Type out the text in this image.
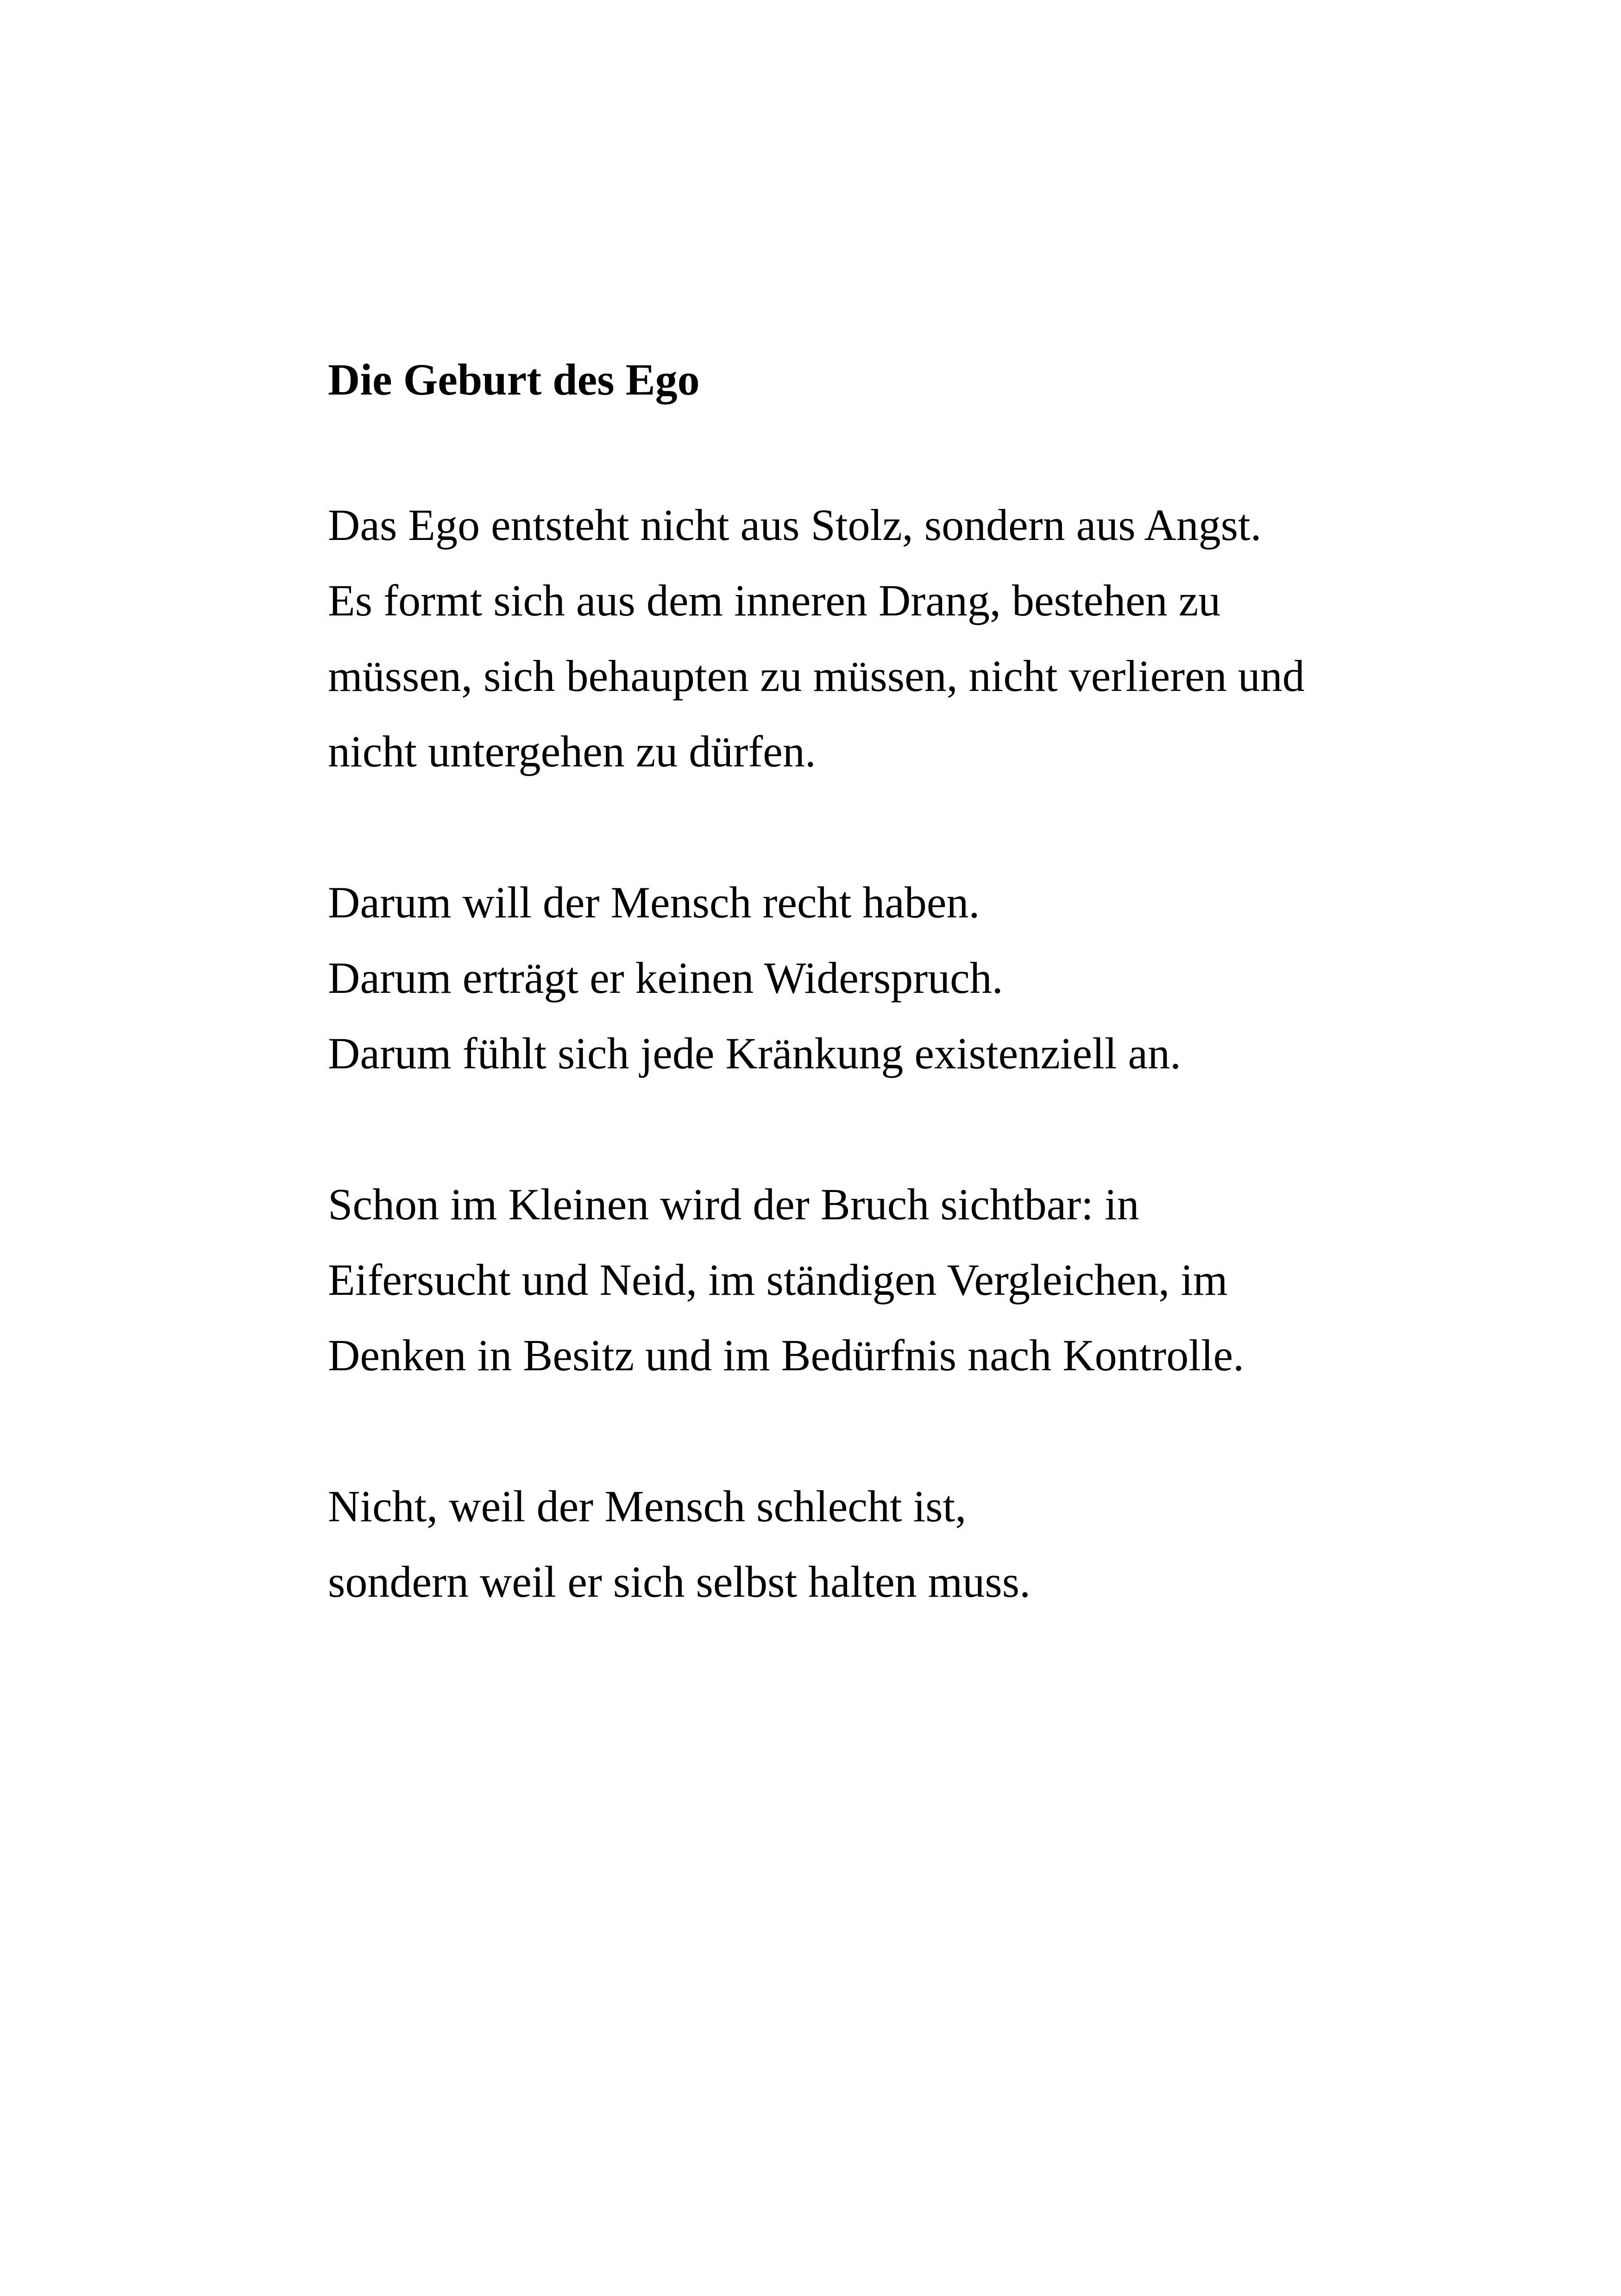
Die Geburt des Ego
Das Ego entsteht nicht aus Stolz, sondern aus Angst.
Es formt sich aus dem inneren Drang, bestehen zu
müssen, sich behaupten zu müssen, nicht verlieren und
nicht untergehen zu dürfen.
Darum will der Mensch recht haben.
Darum erträgt er keinen Widerspruch.
Darum fühlt sich jede Kränkung existenziell an.
Schon im Kleinen wird der Bruch sichtbar: in
Eifersucht und Neid, im ständigen Vergleichen, im
Denken in Besitz und im Bedürfnis nach Kontrolle.
Nicht, weil der Mensch schlecht ist,
sondern weil er sich selbst halten muss.
